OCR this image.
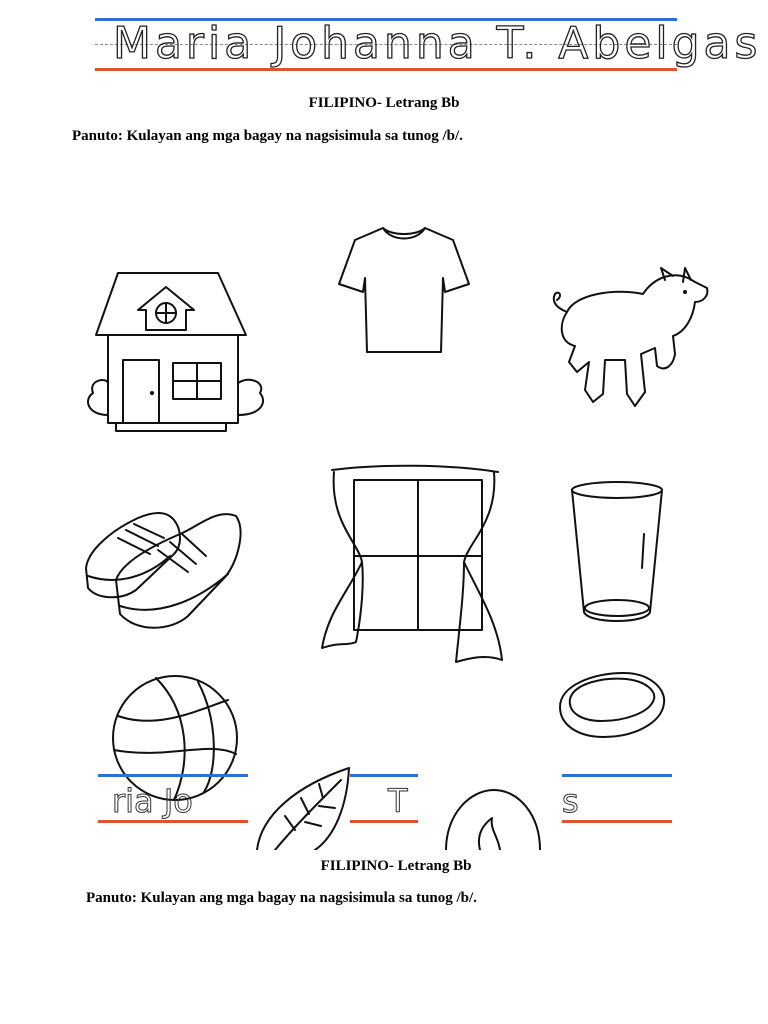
Maria Johanna T. Abelgas
FILIPINO- Letrang Bb
Panuto: Kulayan ang mga bagay na nagsisimula sa tunog /b/.
ria Jo	T	s
FILIPINO- Letrang Bb
Panuto: Kulayan ang mga bagay na nagsisimula sa tunog /b/.
